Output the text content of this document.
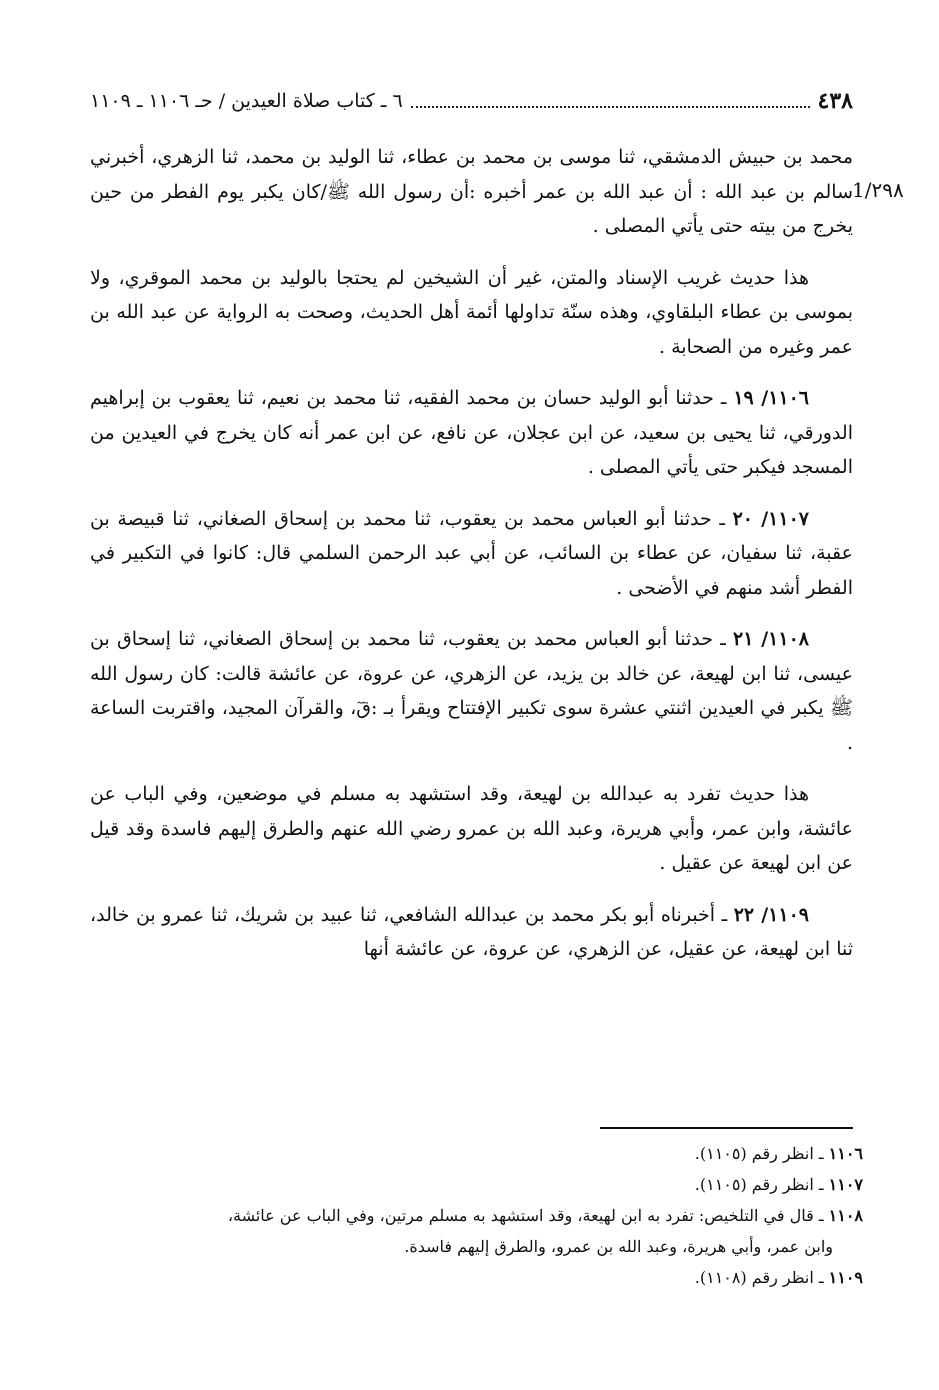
٤٣٨
٦ ـ كتاب صلاة العيدين / حـ ١١٠٦ ـ ١١٠٩
1/٢٩٨

محمد بن حبيش الدمشقي، ثنا موسى بن محمد بن عطاء، ثنا الوليد بن محمد، ثنا الزهري، أخبرني سالم بن عبد الله : أن عبد الله بن عمر أخبره :أن رسول الله ﷺ/كان يكبر يوم الفطر من حين يخرج من بيته حتى يأتي المصلى .

هذا حديث غريب الإسناد والمتن، غير أن الشيخين لم يحتجا بالوليد بن محمد الموقري، ولا بموسى بن عطاء البلقاوي، وهذه سنّة تداولها أئمة أهل الحديث، وصحت به الرواية عن عبد الله بن عمر وغيره من الصحابة .

١١٠٦/ ١٩ ـ حدثنا أبو الوليد حسان بن محمد الفقيه، ثنا محمد بن نعيم، ثنا يعقوب بن إبراهيم الدورقي، ثنا يحيى بن سعيد، عن ابن عجلان، عن نافع، عن ابن عمر أنه كان يخرج في العيدين من المسجد فيكبر حتى يأتي المصلى .

١١٠٧/ ٢٠ ـ حدثنا أبو العباس محمد بن يعقوب، ثنا محمد بن إسحاق الصغاني، ثنا قبيصة بن عقبة، ثنا سفيان، عن عطاء بن السائب، عن أبي عبد الرحمن السلمي قال: كانوا في التكبير في الفطر أشد منهم في الأضحى .

١١٠٨/ ٢١ ـ حدثنا أبو العباس محمد بن يعقوب، ثنا محمد بن إسحاق الصغاني، ثنا إسحاق بن عيسى، ثنا ابن لهيعة، عن خالد بن يزيد، عن الزهري، عن عروة، عن عائشة قالت: كان رسول الله ﷺ يكبر في العيدين اثنتي عشرة سوى تكبير الإفتتاح ويقرأ بـ :قٓ، والقرآن المجيد، واقتربت الساعة .

هذا حديث تفرد به عبدالله بن لهيعة، وقد استشهد به مسلم في موضعين، وفي الباب عن عائشة، وابن عمر، وأبي هريرة، وعبد الله بن عمرو رضي الله عنهم والطرق إليهم فاسدة وقد قيل عن ابن لهيعة عن عقيل .

١١٠٩/ ٢٢ ـ أخبرناه أبو بكر محمد بن عبدالله الشافعي، ثنا عبيد بن شريك، ثنا عمرو بن خالد، ثنا ابن لهيعة، عن عقيل، عن الزهري، عن عروة، عن عائشة أنها

١١٠٦ ـ انظر رقم (١١٠٥).

١١٠٧ ـ انظر رقم (١١٠٥).

١١٠٨ ـ قال في التلخيص: تفرد به ابن لهيعة، وقد استشهد به مسلم مرتين، وفي الباب عن عائشة،

وابن عمر، وأبي هريرة، وعبد الله بن عمرو، والطرق إليهم فاسدة.

١١٠٩ ـ انظر رقم (١١٠٨).
